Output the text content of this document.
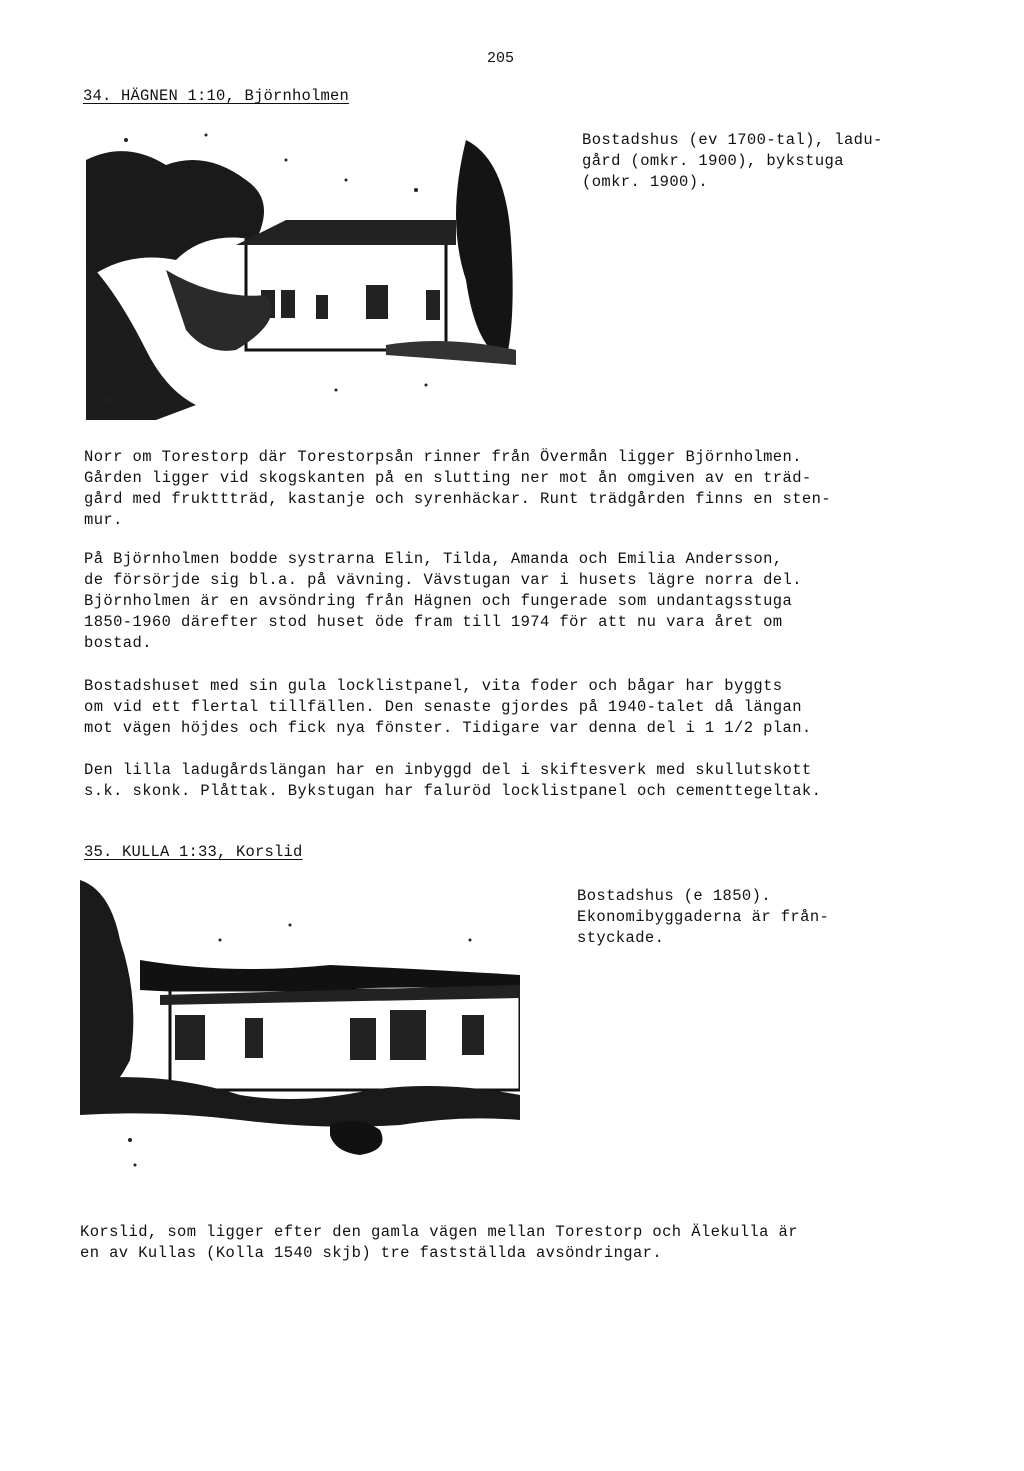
205
34. HÄGNEN 1:10, Björnholmen
Bostadshus (ev 1700-tal), ladu-
gård (omkr. 1900), bykstuga
(omkr. 1900).
Norr om Torestorp där Torestorpsån rinner från Övermån ligger Björnholmen.
Gården ligger vid skogskanten på en slutting ner mot ån omgiven av en träd-
gård med frukttträd, kastanje och syrenhäckar. Runt trädgården finns en sten-
mur.
På Björnholmen bodde systrarna Elin, Tilda, Amanda och Emilia Andersson,
de försörjde sig bl.a. på vävning. Vävstugan var i husets lägre norra del.
Björnholmen är en avsöndring från Hägnen och fungerade som undantagsstuga
1850-1960 därefter stod huset öde fram till 1974 för att nu vara året om
bostad.
Bostadshuset med sin gula locklistpanel, vita foder och bågar har byggts
om vid ett flertal tillfällen. Den senaste gjordes på 1940-talet då längan
mot vägen höjdes och fick nya fönster. Tidigare var denna del i 1 1/2 plan.
Den lilla ladugårdslängan har en inbyggd del i skiftesverk med skullutskott
s.k. skonk. Plåttak. Bykstugan har faluröd locklistpanel och cementtegeltak.
35. KULLA 1:33, Korslid
Bostadshus (e 1850).
Ekonomibyggaderna är från-
styckade.
Korslid, som ligger efter den gamla vägen mellan Torestorp och Älekulla är
en av Kullas (Kolla 1540 skjb) tre fastställda avsöndringar.
